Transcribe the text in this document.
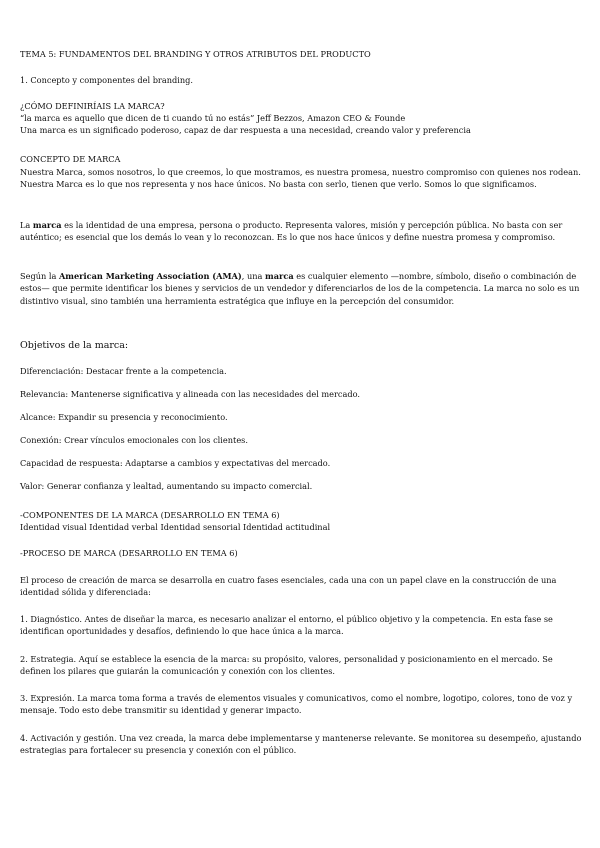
TEMA 5: FUNDAMENTOS DEL BRANDING Y OTROS ATRIBUTOS DEL PRODUCTO

1. Concepto y componentes del branding.

¿CÓMO DEFINIRÍAIS LA MARCA?

“la marca es aquello que dicen de ti cuando tú no estás” Jeff Bezzos, Amazon CEO & Founde

Una marca es un significado poderoso, capaz de dar respuesta a una necesidad, creando valor y preferencia

CONCEPTO DE MARCA

Nuestra Marca, somos nosotros, lo que creemos, lo que mostramos, es nuestra promesa, nuestro compromiso con quienes nos rodean. Nuestra Marca es lo que nos representa y nos hace únicos. No basta con serlo, tienen que verlo. Somos lo que significamos.

La marca es la identidad de una empresa, persona o producto. Representa valores, misión y percepción pública. No basta con ser auténtico; es esencial que los demás lo vean y lo reconozcan. Es lo que nos hace únicos y define nuestra promesa y compromiso.

Según la American Marketing Association (AMA), una marca es cualquier elemento —nombre, símbolo, diseño o combinación de estos— que permite identificar los bienes y servicios de un vendedor y diferenciarlos de los de la competencia. La marca no solo es un distintivo visual, sino también una herramienta estratégica que influye en la percepción del consumidor.

Objetivos de la marca:

Diferenciación: Destacar frente a la competencia.

Relevancia: Mantenerse significativa y alineada con las necesidades del mercado.

Alcance: Expandir su presencia y reconocimiento.

Conexión: Crear vínculos emocionales con los clientes.

Capacidad de respuesta: Adaptarse a cambios y expectativas del mercado.

Valor: Generar confianza y lealtad, aumentando su impacto comercial.

-COMPONENTES DE LA MARCA (DESARROLLO EN TEMA 6)

Identidad visual Identidad verbal Identidad sensorial Identidad actitudinal

-PROCESO DE MARCA (DESARROLLO EN TEMA 6)

El proceso de creación de marca se desarrolla en cuatro fases esenciales, cada una con un papel clave en la construcción de una identidad sólida y diferenciada:

1. Diagnóstico. Antes de diseñar la marca, es necesario analizar el entorno, el público objetivo y la competencia. En esta fase se identifican oportunidades y desafíos, definiendo lo que hace única a la marca.

2. Estrategia. Aquí se establece la esencia de la marca: su propósito, valores, personalidad y posicionamiento en el mercado. Se definen los pilares que guiarán la comunicación y conexión con los clientes.

3. Expresión. La marca toma forma a través de elementos visuales y comunicativos, como el nombre, logotipo, colores, tono de voz y mensaje. Todo esto debe transmitir su identidad y generar impacto.

4. Activación y gestión. Una vez creada, la marca debe implementarse y mantenerse relevante. Se monitorea su desempeño, ajustando estrategias para fortalecer su presencia y conexión con el público.
